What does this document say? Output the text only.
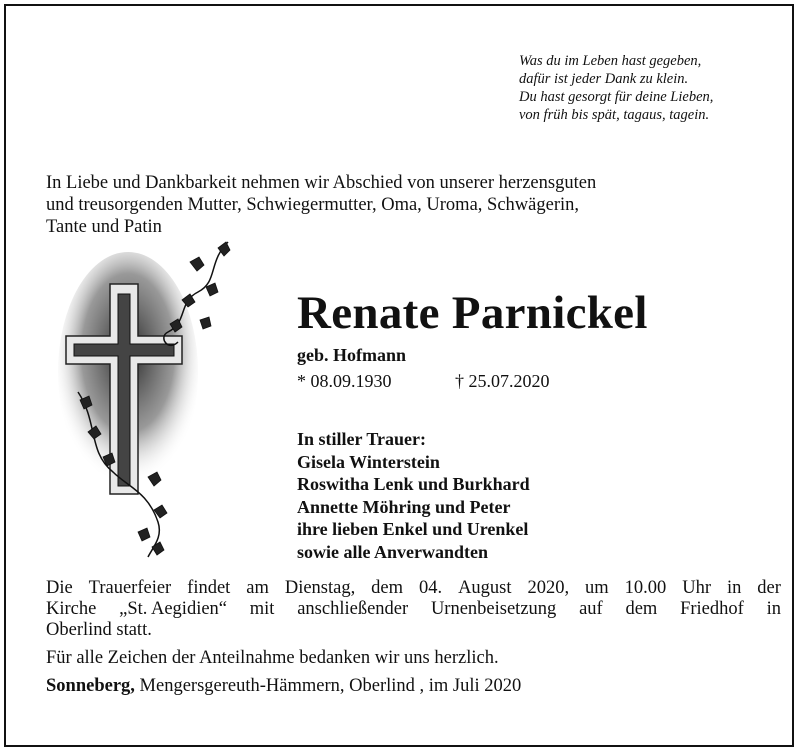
Was du im Leben hast gegeben,
dafür ist jeder Dank zu klein.
Du hast gesorgt für deine Lieben,
von früh bis spät, tagaus, tagein.
In Liebe und Dankbarkeit nehmen wir Abschied von unserer herzensguten
und treusorgenden Mutter, Schwiegermutter, Oma, Uroma, Schwägerin,
Tante und Patin
Renate Parnickel
geb. Hofmann
* 08.09.1930	† 25.07.2020
In stiller Trauer:
Gisela Winterstein
Roswitha Lenk und Burkhard
Annette Möhring und Peter
ihre lieben Enkel und Urenkel
sowie alle Anverwandten
Die Trauerfeier findet am Dienstag, dem 04. August 2020, um 10.00 Uhr in der
Kirche „St. Aegidien“ mit anschließender Urnenbeisetzung auf dem Friedhof in
Oberlind statt.
Für alle Zeichen der Anteilnahme bedanken wir uns herzlich.
Sonneberg, Mengersgereuth-Hämmern, Oberlind , im Juli 2020
